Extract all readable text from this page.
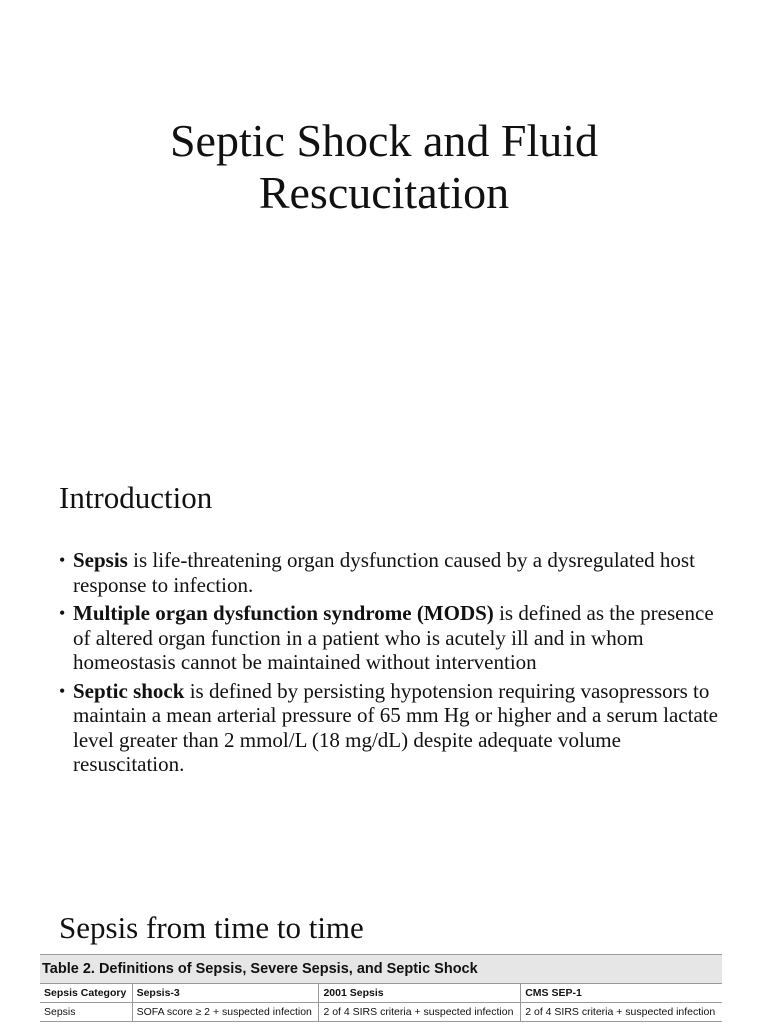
Septic Shock and Fluid
Rescucitation
Introduction
• Sepsis is life-threatening organ dysfunction caused by a dysregulated host response to infection.
• Multiple organ dysfunction syndrome (MODS) is defined as the presence of altered organ function in a patient who is acutely ill and in whom homeostasis cannot be maintained without intervention
• Septic shock is defined by persisting hypotension requiring vasopressors to maintain a mean arterial pressure of 65 mm Hg or higher and a serum lactate level greater than 2 mmol/L (18 mg/dL) despite adequate volume resuscitation.
Sepsis from time to time
Table 2. Definitions of Sepsis, Severe Sepsis, and Septic Shock
Sepsis Category	Sepsis-3	2001 Sepsis	CMS SEP-1
Sepsis	SOFA score ≥ 2 + suspected infection	2 of 4 SIRS criteria + suspected infection	2 of 4 SIRS criteria + suspected infection
